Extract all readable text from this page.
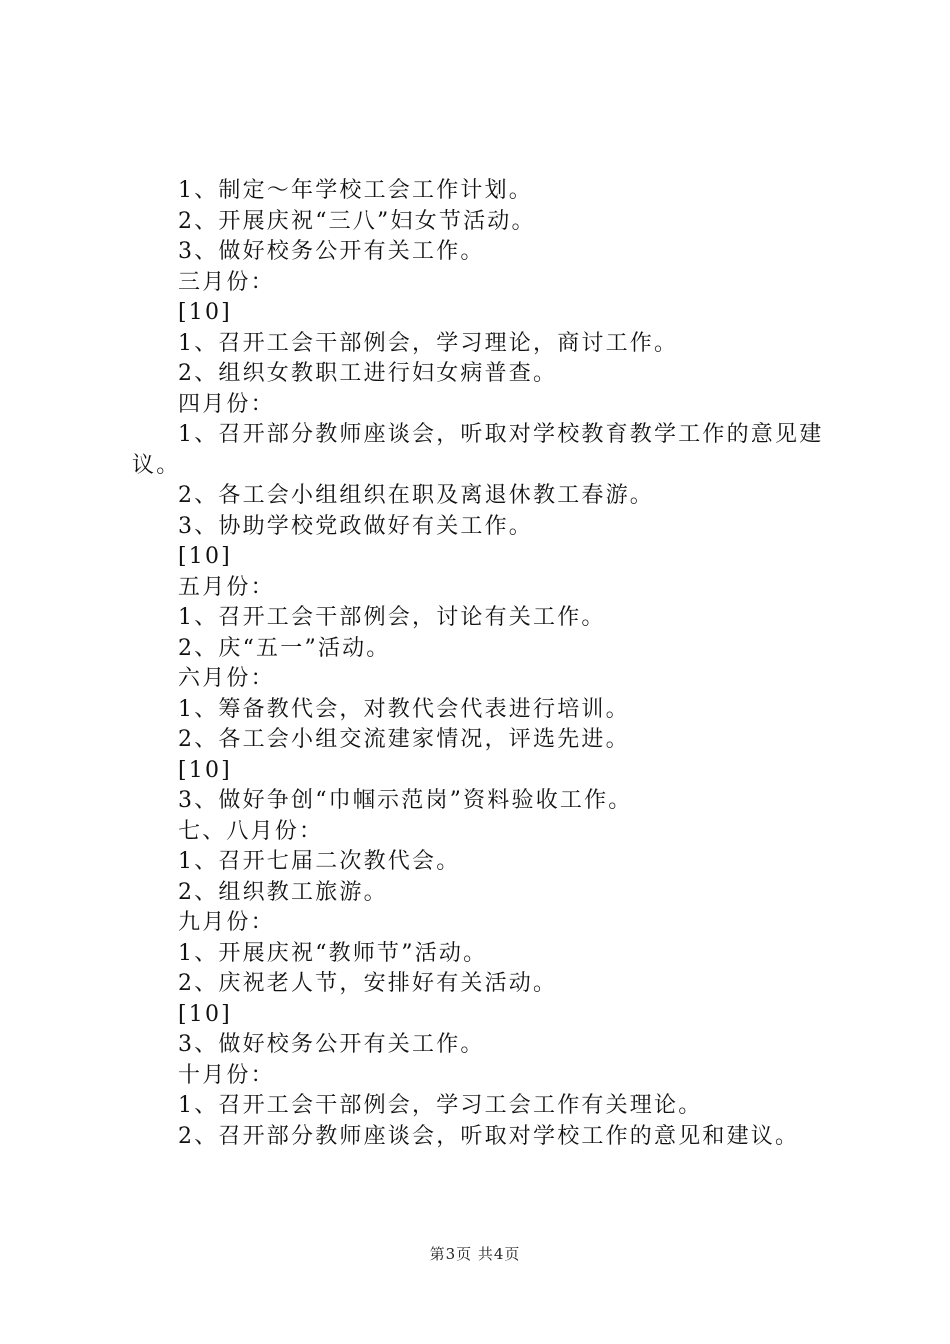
1、制定～年学校工会工作计划。
2、开展庆祝“三八”妇女节活动。
3、做好校务公开有关工作。
三月份：
[10]
1、召开工会干部例会，学习理论，商讨工作。
2、组织女教职工进行妇女病普查。
四月份：
1、召开部分教师座谈会，听取对学校教育教学工作的意见建议。
2、各工会小组组织在职及离退休教工春游。
3、协助学校党政做好有关工作。
[10]
五月份：
1、召开工会干部例会，讨论有关工作。
2、庆“五一”活动。
六月份：
1、筹备教代会，对教代会代表进行培训。
2、各工会小组交流建家情况，评选先进。
[10]
3、做好争创“巾帼示范岗”资料验收工作。
七、八月份：
1、召开七届二次教代会。
2、组织教工旅游。
九月份：
1、开展庆祝“教师节”活动。
2、庆祝老人节，安排好有关活动。
[10]
3、做好校务公开有关工作。
十月份：
1、召开工会干部例会，学习工会工作有关理论。
2、召开部分教师座谈会，听取对学校工作的意见和建议。
第3页 共4页
